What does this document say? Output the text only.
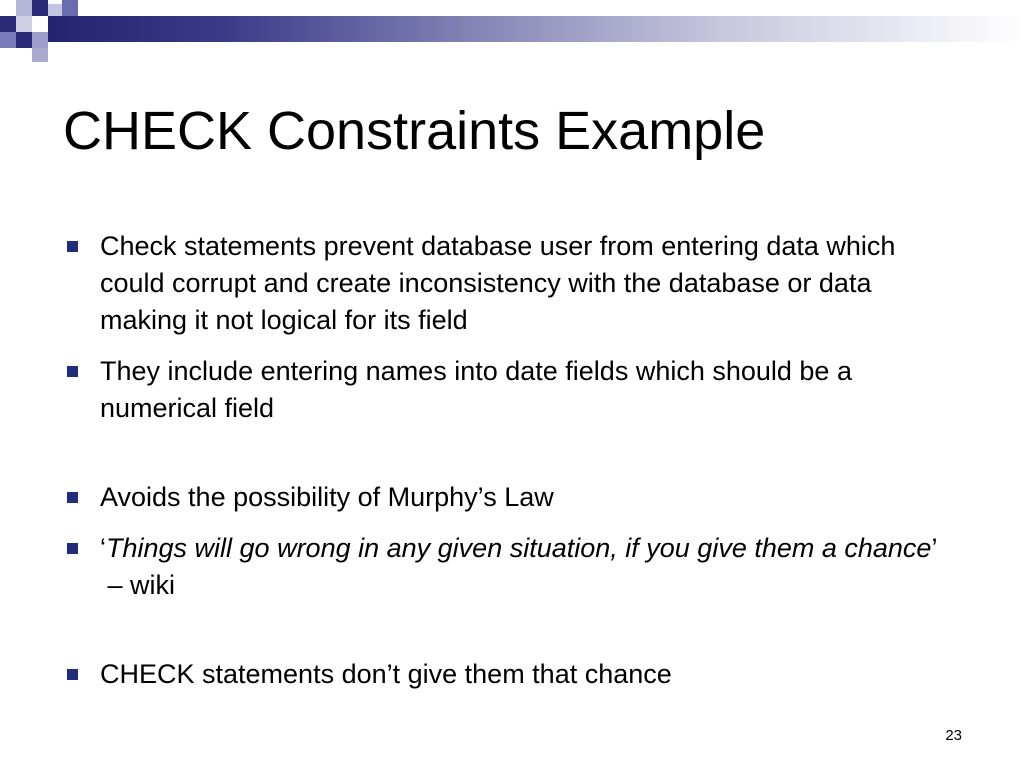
CHECK Constraints Example
Check statements prevent database user from entering data which could corrupt and create inconsistency with the database or data making it not logical for its field
They include entering names into date fields which should be a numerical field
Avoids the possibility of Murphy’s Law
‘Things will go wrong in any given situation, if you give them a chance’ – wiki
CHECK statements don’t give them that chance
23
